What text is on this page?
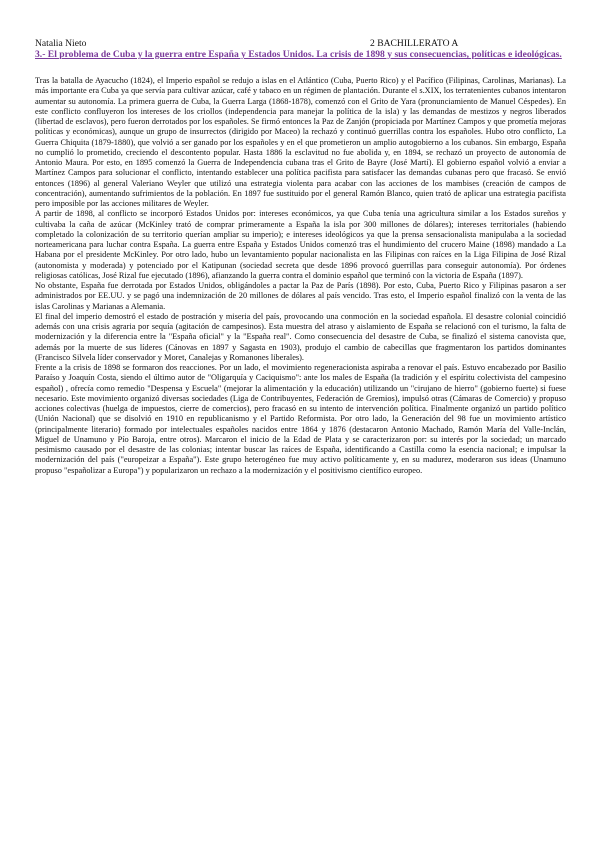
Natalia Nieto	2 BACHILLERATO A
3.- El problema de Cuba y la guerra entre España y Estados Unidos. La crisis de 1898 y sus consecuencias, políticas e ideológicas.

Tras la batalla de Ayacucho (1824), el Imperio español se redujo a islas en el Atlántico (Cuba, Puerto Rico) y el Pacífico (Filipinas, Carolinas, Marianas). La más importante era Cuba ya que servía para cultivar azúcar, café y tabaco en un régimen de plantación. Durante el s.XIX, los terratenientes cubanos intentaron aumentar su autonomía. La primera guerra de Cuba, la Guerra Larga (1868-1878), comenzó con el Grito de Yara (pronunciamiento de Manuel Céspedes). En este conflicto confluyeron los intereses de los criollos (independencia para manejar la política de la isla) y las demandas de mestizos y negros liberados (libertad de esclavos), pero fueron derrotados por los españoles. Se firmó entonces la Paz de Zanjón (propiciada por Martínez Campos y que prometía mejoras políticas y económicas), aunque un grupo de insurrectos (dirigido por Maceo) la rechazó y continuó guerrillas contra los españoles. Hubo otro conflicto, La Guerra Chiquita (1879-1880), que volvió a ser ganado por los españoles y en el que prometieron un amplio autogobierno a los cubanos. Sin embargo, España no cumplió lo prometido, creciendo el descontento popular. Hasta 1886 la esclavitud no fue abolida y, en 1894, se rechazó un proyecto de autonomía de Antonio Maura. Por esto, en 1895 comenzó la Guerra de Independencia cubana tras el Grito de Bayre (José Martí). El gobierno español volvió a enviar a Martínez Campos para solucionar el conflicto, intentando establecer una política pacifista para satisfacer las demandas cubanas pero que fracasó. Se envió entonces (1896) al general Valeriano Weyler que utilizó una estrategia violenta para acabar con las acciones de los mambises (creación de campos de concentración), aumentando sufrimientos de la población. En 1897 fue sustituido por el general Ramón Blanco, quien trató de aplicar una estrategia pacifista pero imposible por las acciones militares de Weyler.

A partir de 1898, al conflicto se incorporó Estados Unidos por: intereses económicos, ya que Cuba tenía una agricultura similar a los Estados sureños y cultivaba la caña de azúcar (McKinley trató de comprar primeramente a España la isla por 300 millones de dólares); intereses territoriales (habiendo completado la colonización de su territorio querían ampliar su imperio); e intereses ideológicos ya que la prensa sensacionalista manipulaba a la sociedad norteamericana para luchar contra España. La guerra entre España y Estados Unidos comenzó tras el hundimiento del crucero Maine (1898) mandado a La Habana por el presidente McKinley. Por otro lado, hubo un levantamiento popular nacionalista en las Filipinas con raíces en la Liga Filipina de José Rizal (autonomista y moderada) y potenciado por el Katipunan (sociedad secreta que desde 1896 provocó guerrillas para conseguir autonomía). Por órdenes religiosas católicas, José Rizal fue ejecutado (1896), afianzando la guerra contra el dominio español que terminó con la victoria de España (1897).

No obstante, España fue derrotada por Estados Unidos, obligándoles a pactar la Paz de París (1898). Por esto, Cuba, Puerto Rico y Filipinas pasaron a ser administrados por EE.UU. y se pagó una indemnización de 20 millones de dólares al país vencido. Tras esto, el Imperio español finalizó con la venta de las islas Carolinas y Marianas a Alemania.

El final del imperio demostró el estado de postración y miseria del país, provocando una conmoción en la sociedad española. El desastre colonial coincidió además con una crisis agraria por sequía (agitación de campesinos). Esta muestra del atraso y aislamiento de España se relacionó con el turismo, la falta de modernización y la diferencia entre la "España oficial" y la "España real". Como consecuencia del desastre de Cuba, se finalizó el sistema canovista que, además por la muerte de sus líderes (Cánovas en 1897 y Sagasta en 1903), produjo el cambio de cabecillas que fragmentaron los partidos dominantes (Francisco Silvela líder conservador y Moret, Canalejas y Romanones liberales).

Frente a la crisis de 1898 se formaron dos reacciones. Por un lado, el movimiento regeneracionista aspiraba a renovar el país. Estuvo encabezado por Basilio Paraíso y Joaquín Costa, siendo el último autor de "Oligarquía y Caciquismo": ante los males de España (la tradición y el espíritu colectivista del campesino español) , ofrecía como remedio "Despensa y Escuela" (mejorar la alimentación y la educación) utilizando un "cirujano de hierro" (gobierno fuerte) si fuese necesario. Este movimiento organizó diversas sociedades (Liga de Contribuyentes, Federación de Gremios), impulsó otras (Cámaras de Comercio) y propuso acciones colectivas (huelga de impuestos, cierre de comercios), pero fracasó en su intento de intervención política. Finalmente organizó un partido político (Unión Nacional) que se disolvió en 1910 en republicanismo y el Partido Reformista. Por otro lado, la Generación del 98 fue un movimiento artístico (principalmente literario) formado por intelectuales españoles nacidos entre 1864 y 1876 (destacaron Antonio Machado, Ramón María del Valle-Inclán, Miguel de Unamuno y Pío Baroja, entre otros). Marcaron el inicio de la Edad de Plata y se caracterizaron por: su interés por la sociedad; un marcado pesimismo causado por el desastre de las colonias; intentar buscar las raíces de España, identificando a Castilla como la esencia nacional; e impulsar la modernización del país ("europeizar a España"). Este grupo heterogéneo fue muy activo políticamente y, en su madurez, moderaron sus ideas (Unamuno propuso "españolizar a Europa") y popularizaron un rechazo a la modernización y el positivismo científico europeo.
